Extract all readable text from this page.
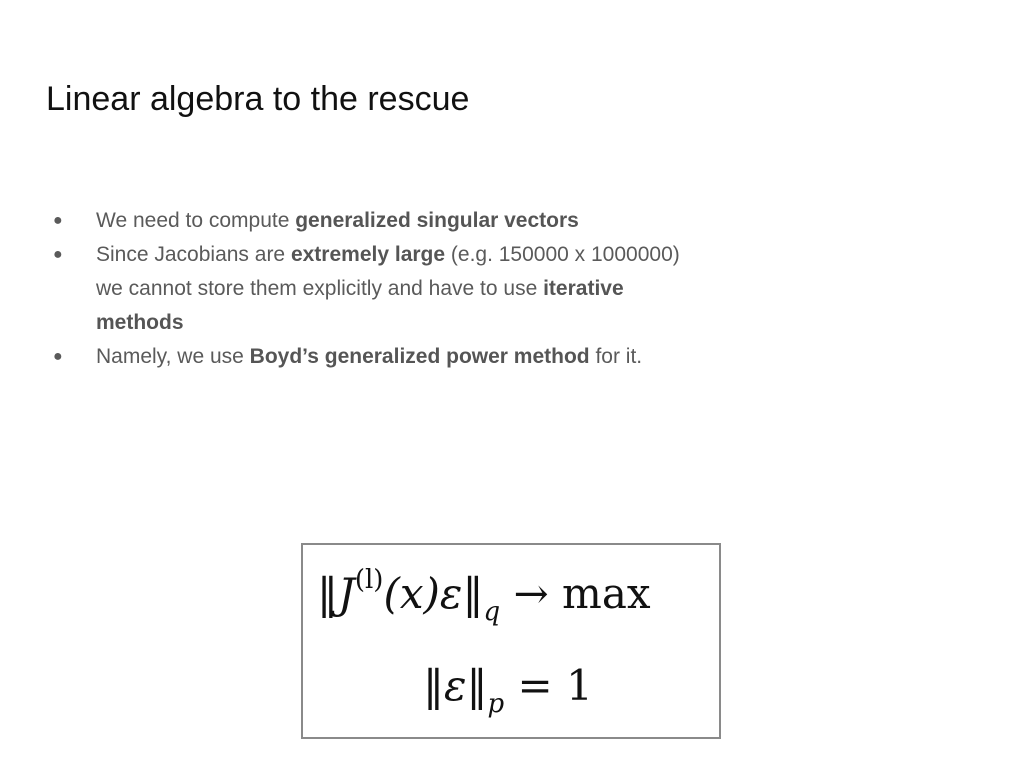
Linear algebra to the rescue
● We need to compute generalized singular vectors
● Since Jacobians are extremely large (e.g. 150000 x 1000000) we cannot store them explicitly and have to use iterative methods
● Namely, we use Boyd’s generalized power method for it.
$‖J^{(l)}(x)\varepsilon‖_q \to \max$
$‖\varepsilon‖_p = 1$
